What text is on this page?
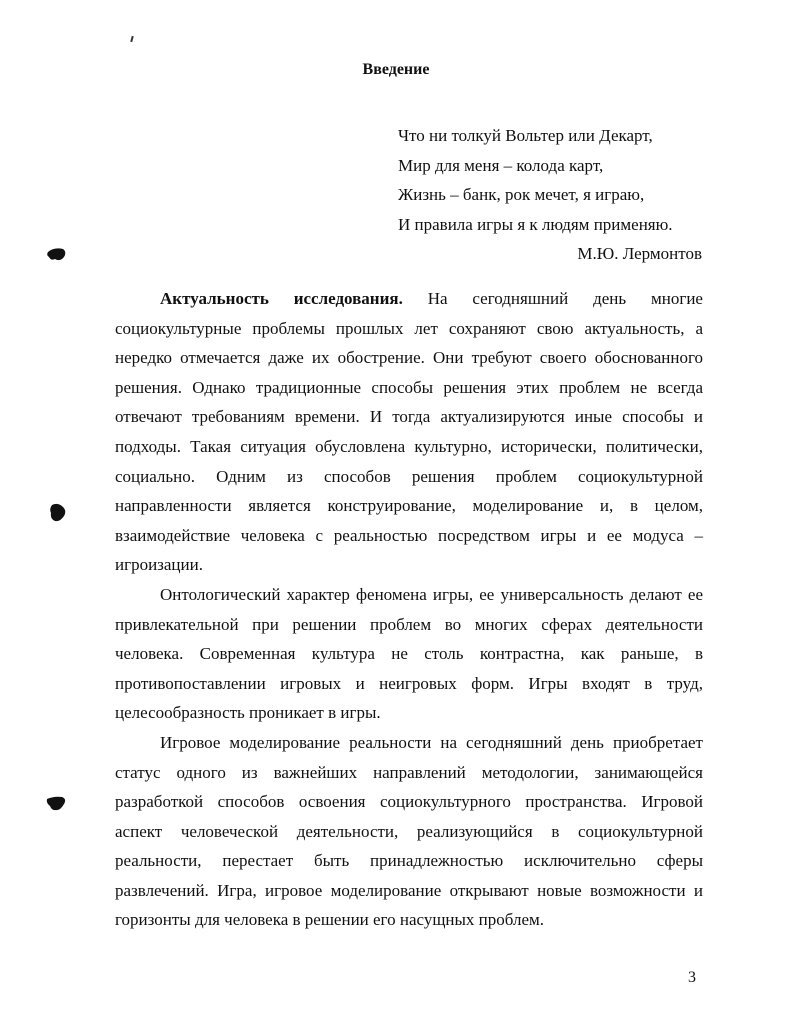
Введение
Что ни толкуй Вольтер или Декарт,
Мир для меня – колода карт,
Жизнь – банк, рок мечет, я играю,
И правила игры я к людям применяю.
М.Ю. Лермонтов

Актуальность исследования. На сегодняшний день многие социокультурные проблемы прошлых лет сохраняют свою актуальность, а нередко отмечается даже их обострение. Они требуют своего обоснованного решения. Однако традиционные способы решения этих проблем не всегда отвечают требованиям времени. И тогда актуализируются иные способы и подходы. Такая ситуация обусловлена культурно, исторически, политически, социально. Одним из способов решения проблем социокультурной направленности является конструирование, моделирование и, в целом, взаимодействие человека с реальностью посредством игры и ее модуса – игроизации.

Онтологический характер феномена игры, ее универсальность делают ее привлекательной при решении проблем во многих сферах деятельности человека. Современная культура не столь контрастна, как раньше, в противопоставлении игровых и неигровых форм. Игры входят в труд, целесообразность проникает в игры.

Игровое моделирование реальности на сегодняшний день приобретает статус одного из важнейших направлений методологии, занимающейся разработкой способов освоения социокультурного пространства. Игровой аспект человеческой деятельности, реализующийся в социокультурной реальности, перестает быть принадлежностью исключительно сферы развлечений. Игра, игровое моделирование открывают новые возможности и горизонты для человека в решении его насущных проблем.

3
